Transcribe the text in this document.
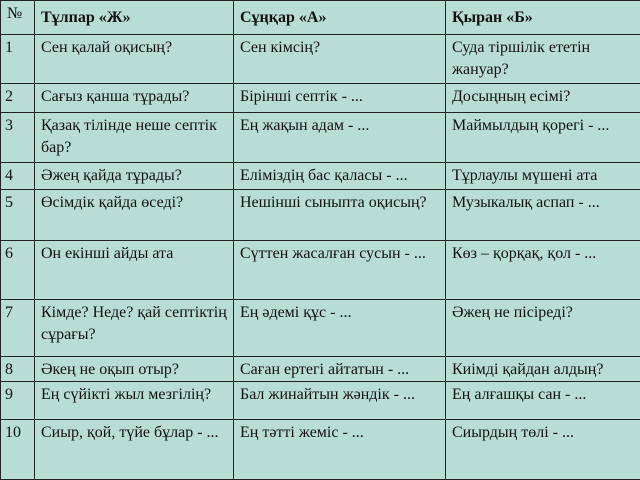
№	Тұлпар «Ж»	Сұңқар «А»	Қыран «Б»
1	Сен қалай оқисың?	Сен кімсің?	Суда тіршілік ететін жануар?
2	Сағыз қанша тұрады?	Бірінші септік - ...	Досыңның есімі?
3	Қазақ тілінде неше септік бар?	Ең жақын адам - ...	Маймылдың қорегі - ...
4	Әжең қайда тұрады?	Еліміздің бас қаласы - ...	Тұрлаулы мүшені ата
5	Өсімдік қайда өседі?	Нешінші сыныпта оқисың?	Музыкалық аспап - ...
6	Он екінші айды ата	Сүттен жасалған сусын - ...	Көз – қорқақ, қол - ...
7	Кімде? Неде? қай септіктің сұрағы?	Ең әдемі құс - ...	Әжең не пісіреді?
8	Әкең не оқып отыр?	Саған ертегі айтатын - ...	Киімді қайдан алдың?
9	Ең сүйікті жыл мезгілің?	Бал жинайтын жәндік - ...	Ең алғашқы сан - ...
10	Сиыр, қой, түйе бұлар - ...	Ең тәтті жеміс - ...	Сиырдың төлі - ...
